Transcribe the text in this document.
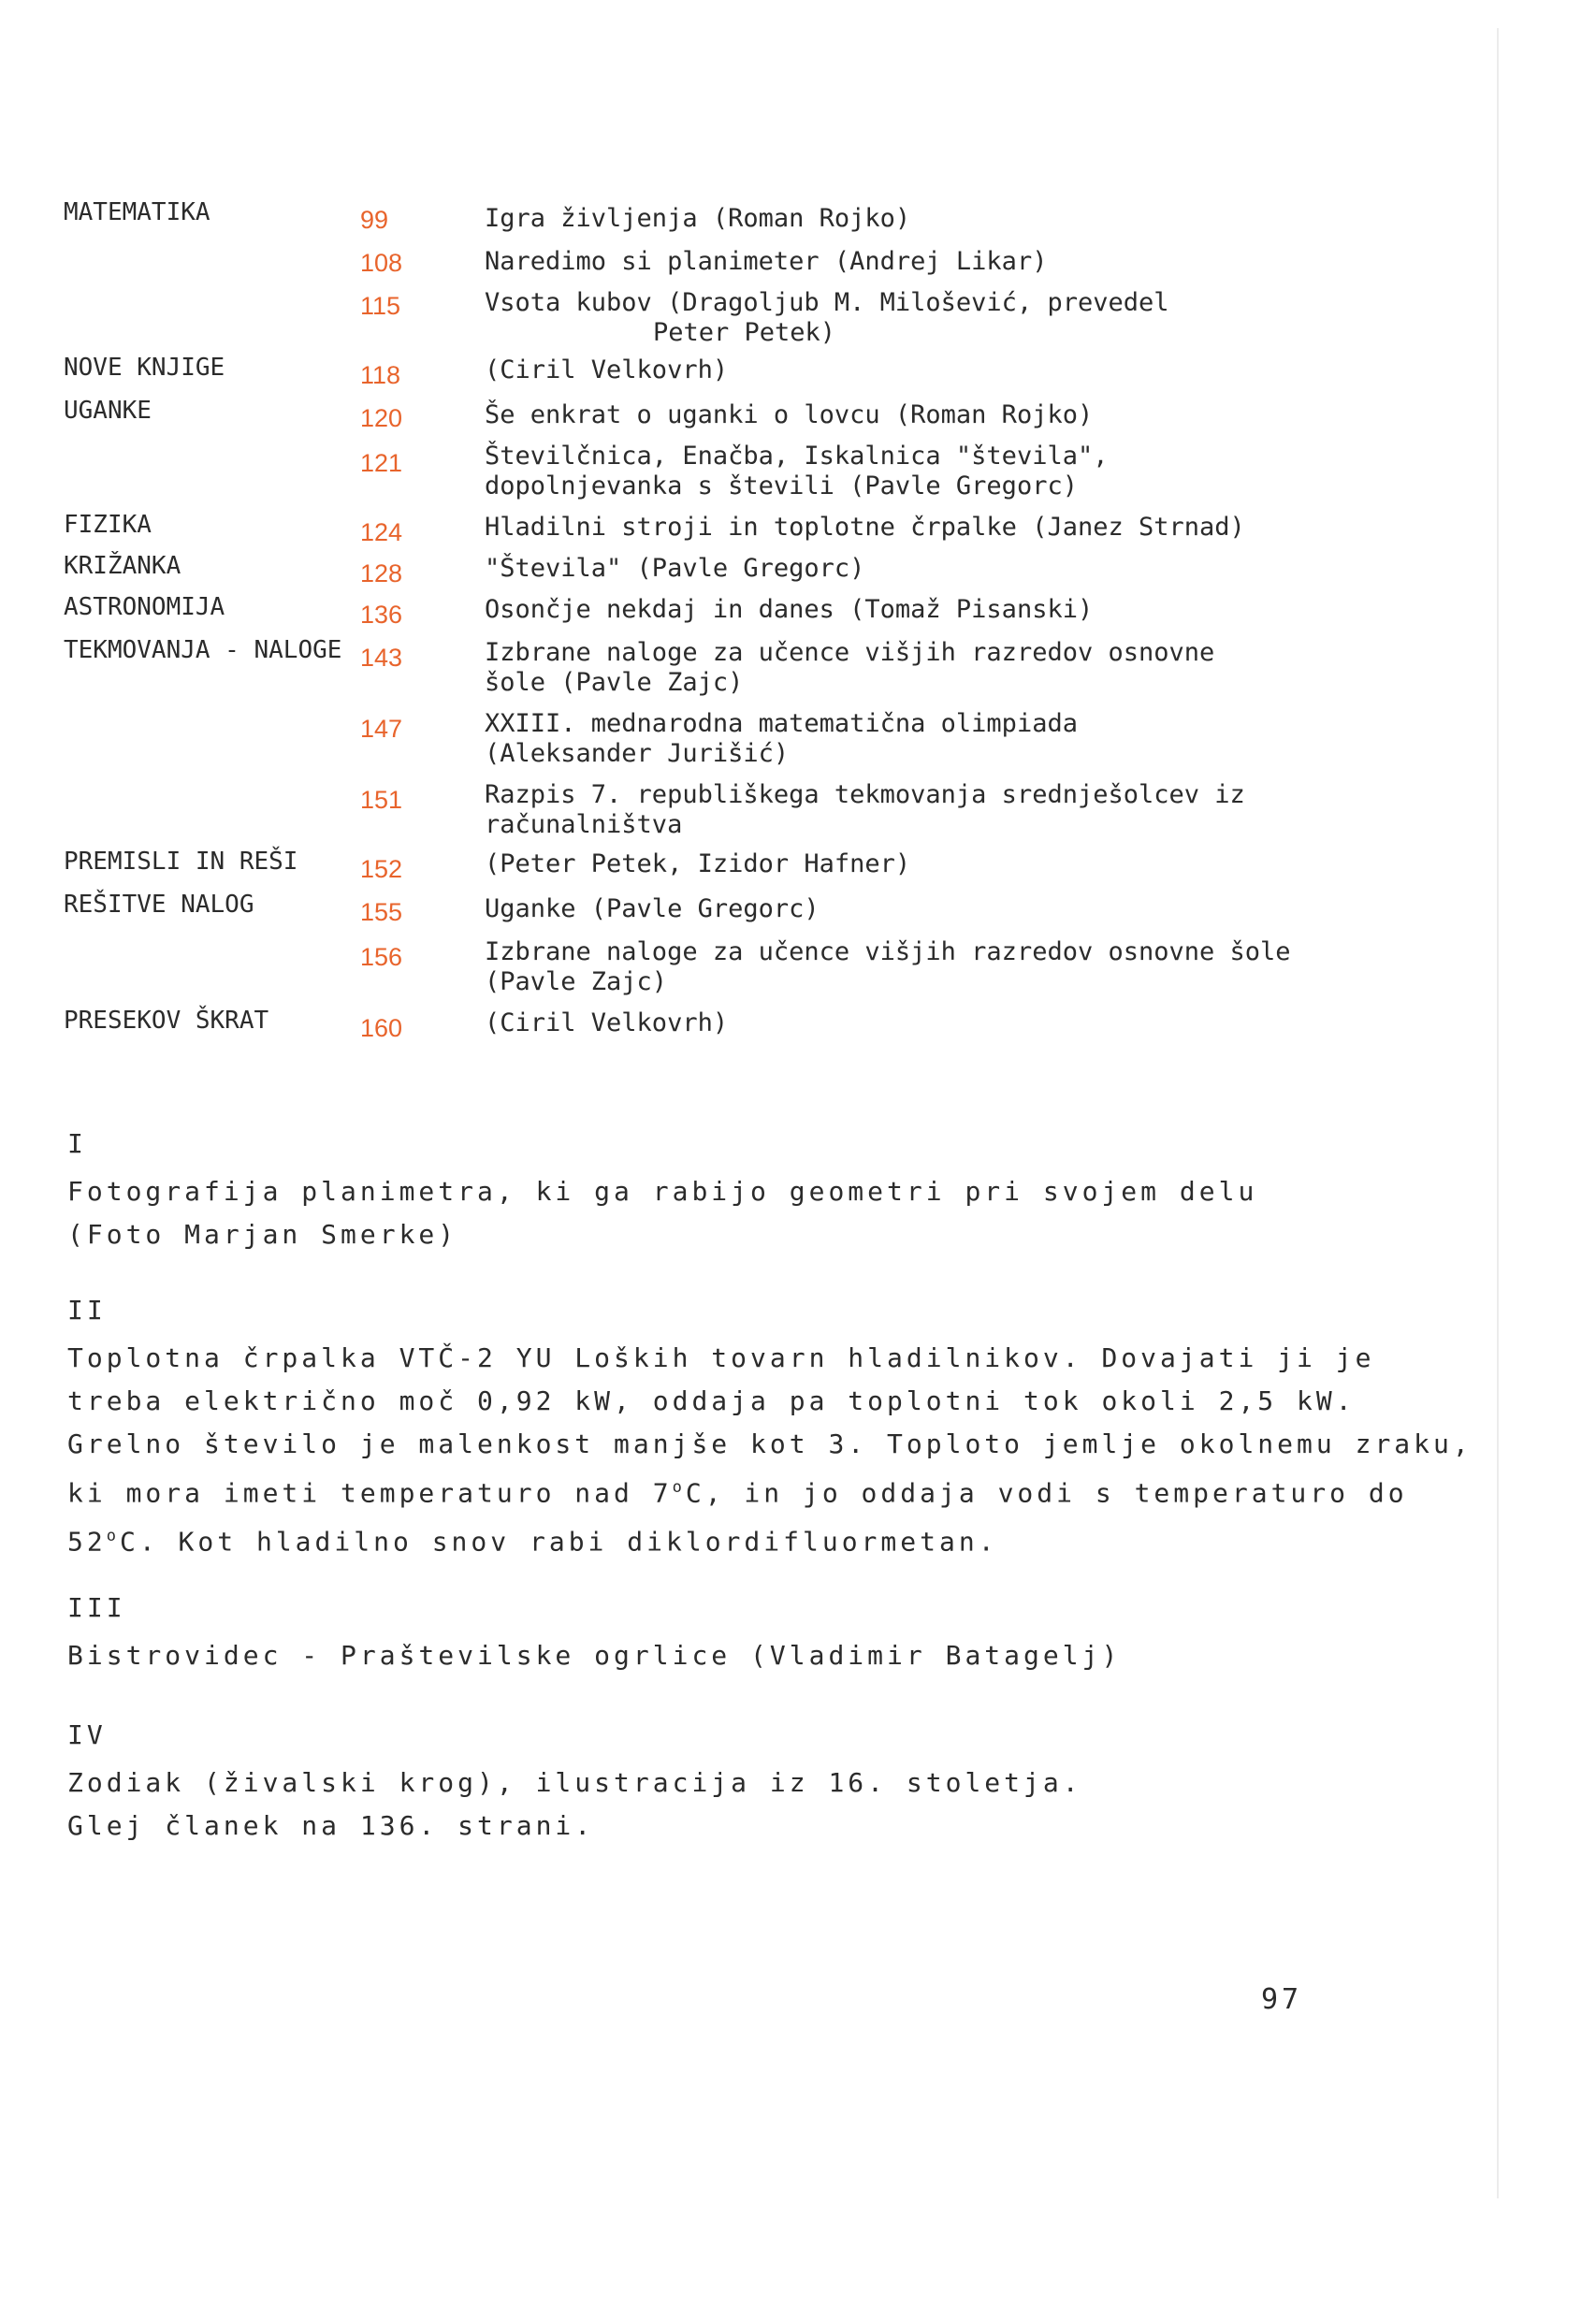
MATEMATIKA	99	Igra življenja (Roman Rojko)
108	Naredimo si planimeter (Andrej Likar)
115	Vsota kubov (Dragoljub M. Milošević, prevedel
Peter Petek)
NOVE KNJIGE	118	(Ciril Velkovrh)
UGANKE	120	Še enkrat o uganki o lovcu (Roman Rojko)
121	Številčnica, Enačba, Iskalnica "števila",
dopolnjevanka s števili (Pavle Gregorc)
FIZIKA	124	Hladilni stroji in toplotne črpalke (Janez Strnad)
KRIŽANKA	128	"Števila" (Pavle Gregorc)
ASTRONOMIJA	136	Osončje nekdaj in danes (Tomaž Pisanski)
TEKMOVANJA - NALOGE 143	Izbrane naloge za učence višjih razredov osnovne
šole (Pavle Zajc)
147	XXIII. mednarodna matematična olimpiada
(Aleksander Jurišić)
151	Razpis 7. republiškega tekmovanja srednješolcev iz
računalništva
PREMISLI IN REŠI 152	(Peter Petek, Izidor Hafner)
REŠITVE NALOG	155	Uganke (Pavle Gregorc)
156	Izbrane naloge za učence višjih razredov osnovne šole
(Pavle Zajc)
PRESEKOV ŠKRAT	160	(Ciril Velkovrh)
I
Fotografija planimetra, ki ga rabijo geometri pri svojem delu
(Foto Marjan Smerke)
II
Toplotna črpalka VTČ-2 YU Loških tovarn hladilnikov. Dovajati ji je
treba električno moč 0,92 kW, oddaja pa toplotni tok okoli 2,5 kW.
Grelno število je malenkost manjše kot 3. Toploto jemlje okolnemu zraku,
ki mora imeti temperaturo nad 7$^o$C, in jo oddaja vodi s temperaturo do
52$^o$C. Kot hladilno snov rabi diklordifluormetan.
III
Bistrovidec - Praštevilske ogrlice (Vladimir Batagelj)
IV
Zodiak (živalski krog), ilustracija iz 16. stoletja.
Glej članek na 136. strani.
97
